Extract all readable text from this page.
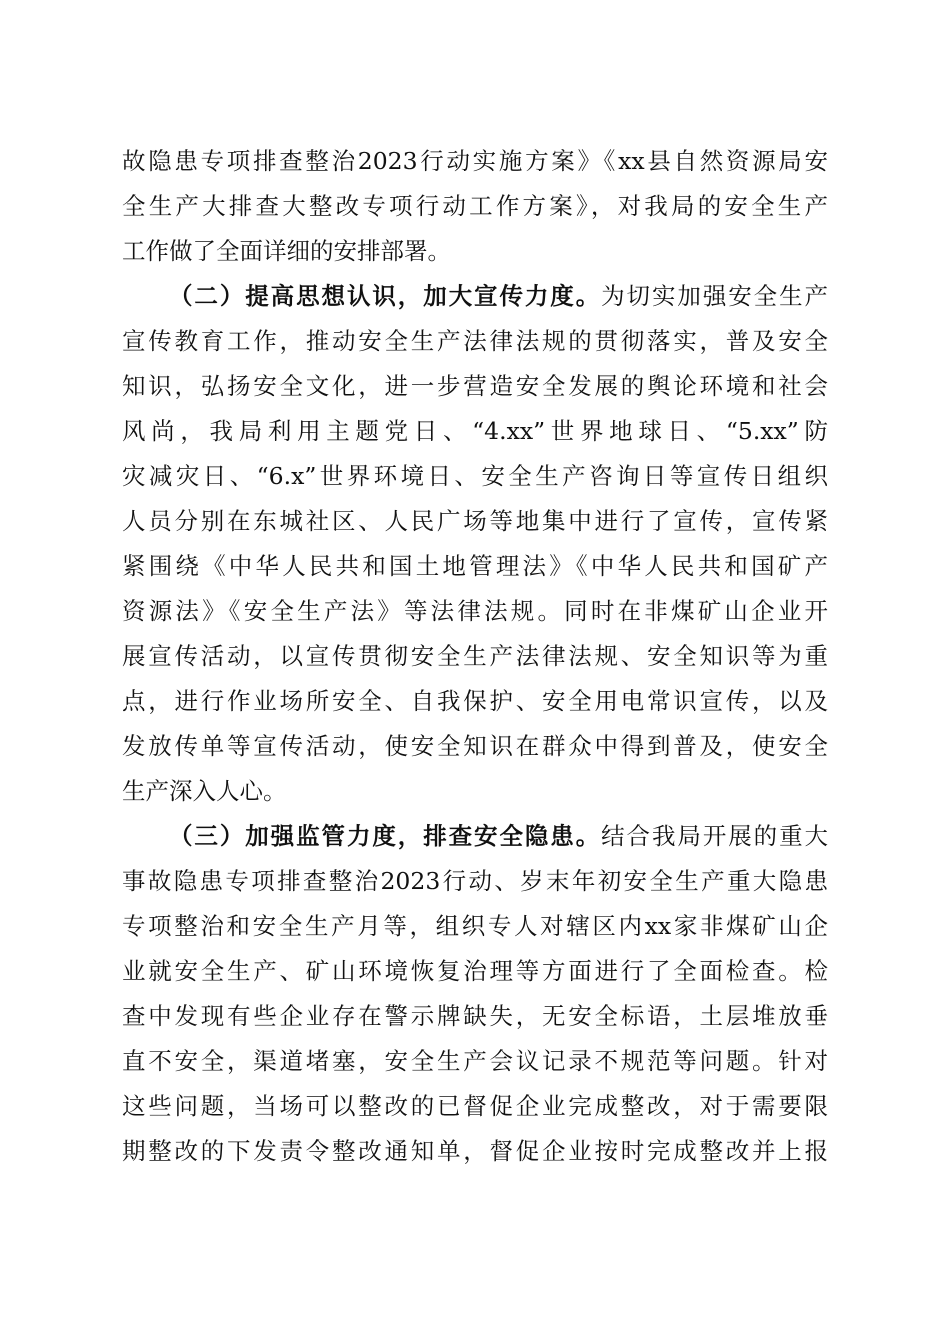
故隐患专项排查整治2023行动实施方案》《xx县自然资源局安
全生产大排查大整改专项行动工作方案》，对我局的安全生产
工作做了全面详细的安排部署。
（二）提高思想认识，加大宣传力度。为切实加强安全生产
宣传教育工作，推动安全生产法律法规的贯彻落实，普及安全
知识，弘扬安全文化，进一步营造安全发展的舆论环境和社会
风尚，我局利用主题党日、“4.xx”世界地球日、“5.xx”防
灾减灾日、“6.x”世界环境日、安全生产咨询日等宣传日组织
人员分别在东城社区、人民广场等地集中进行了宣传，宣传紧
紧围绕《中华人民共和国土地管理法》《中华人民共和国矿产
资源法》《安全生产法》等法律法规。同时在非煤矿山企业开
展宣传活动，以宣传贯彻安全生产法律法规、安全知识等为重
点，进行作业场所安全、自我保护、安全用电常识宣传，以及
发放传单等宣传活动，使安全知识在群众中得到普及，使安全
生产深入人心。
（三）加强监管力度，排查安全隐患。结合我局开展的重大
事故隐患专项排查整治2023行动、岁末年初安全生产重大隐患
专项整治和安全生产月等，组织专人对辖区内xx家非煤矿山企
业就安全生产、矿山环境恢复治理等方面进行了全面检查。检
查中发现有些企业存在警示牌缺失，无安全标语，土层堆放垂
直不安全，渠道堵塞，安全生产会议记录不规范等问题。针对
这些问题，当场可以整改的已督促企业完成整改，对于需要限
期整改的下发责令整改通知单，督促企业按时完成整改并上报
